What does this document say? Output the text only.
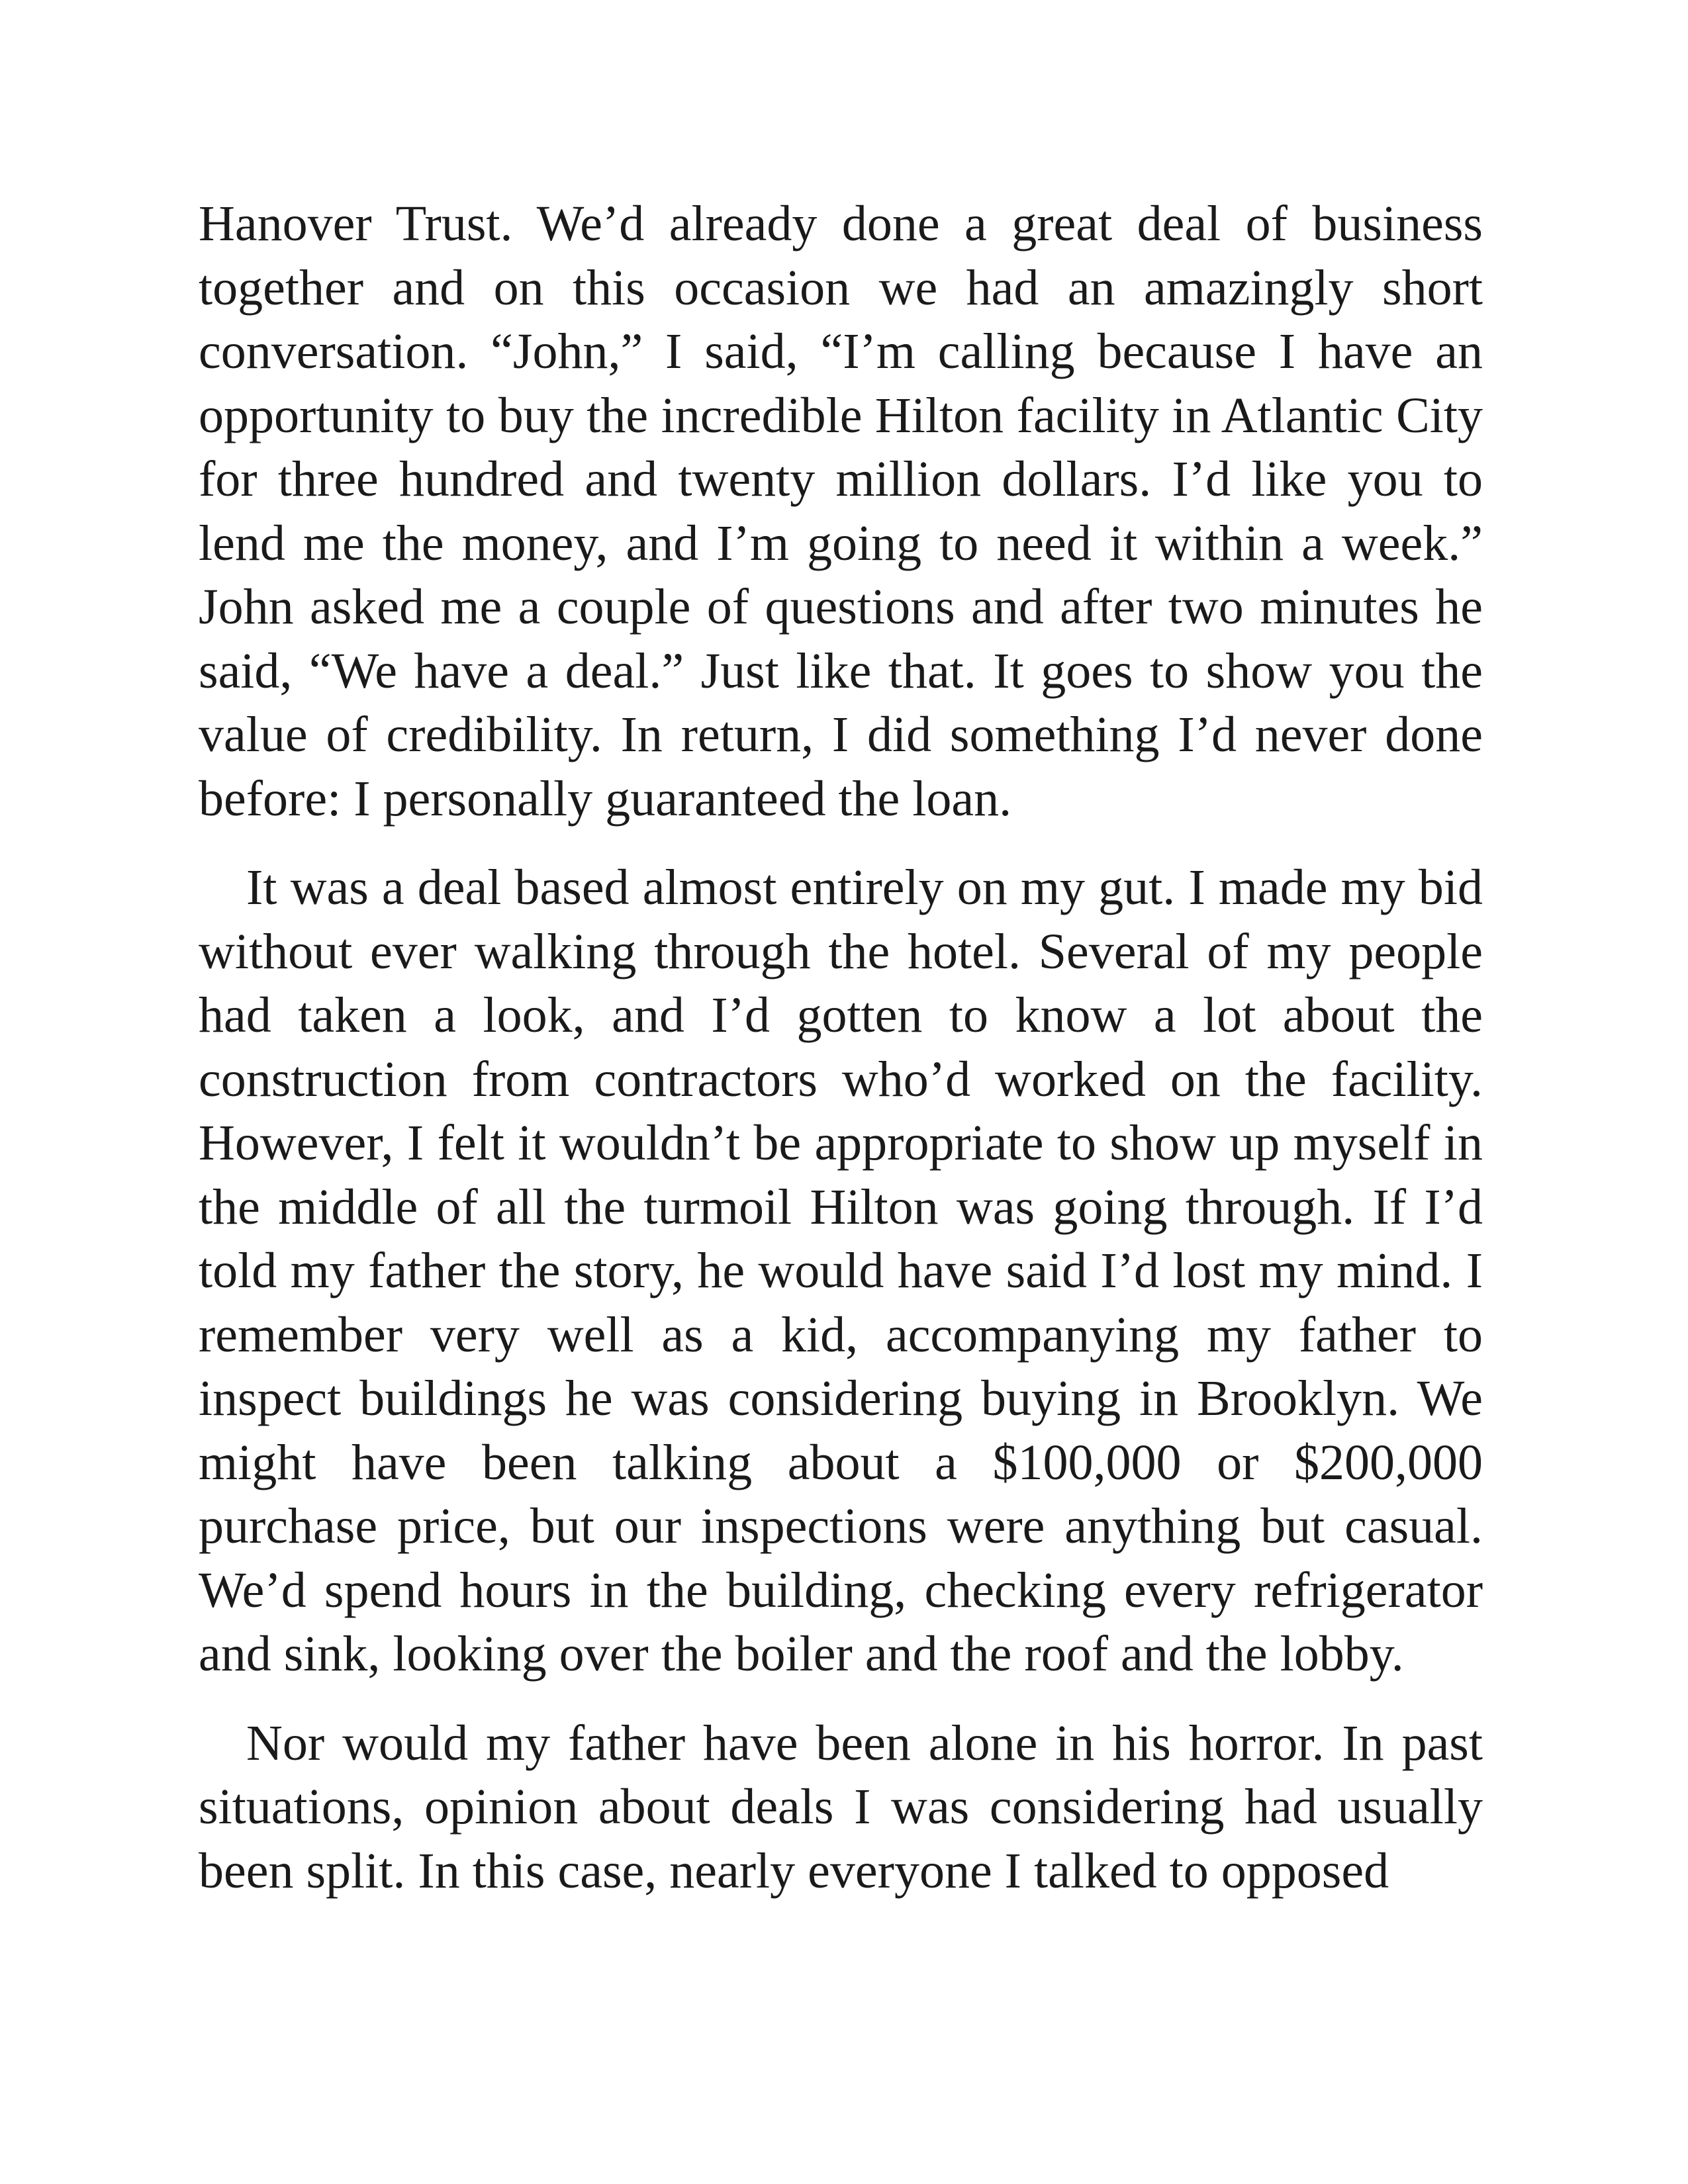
Hanover Trust. We’d already done a great deal of business together and on this occasion we had an amazingly short conversation. “John,” I said, “I’m calling because I have an opportunity to buy the incredible Hilton facility in Atlantic City for three hundred and twenty million dollars. I’d like you to lend me the money, and I’m going to need it within a week.” John asked me a couple of questions and after two minutes he said, “We have a deal.” Just like that. It goes to show you the value of credibility. In return, I did something I’d never done before: I personally guaranteed the loan.

It was a deal based almost entirely on my gut. I made my bid without ever walking through the hotel. Several of my people had taken a look, and I’d gotten to know a lot about the construction from contractors who’d worked on the facility. However, I felt it wouldn’t be appropriate to show up myself in the middle of all the turmoil Hilton was going through. If I’d told my father the story, he would have said I’d lost my mind. I remember very well as a kid, accompanying my father to inspect buildings he was considering buying in Brooklyn. We might have been talking about a $100,000 or $200,000 purchase price, but our inspections were anything but casual. We’d spend hours in the building, checking every refrigerator and sink, looking over the boiler and the roof and the lobby.

Nor would my father have been alone in his horror. In past situations, opinion about deals I was considering had usually been split. In this case, nearly everyone I talked to opposed
